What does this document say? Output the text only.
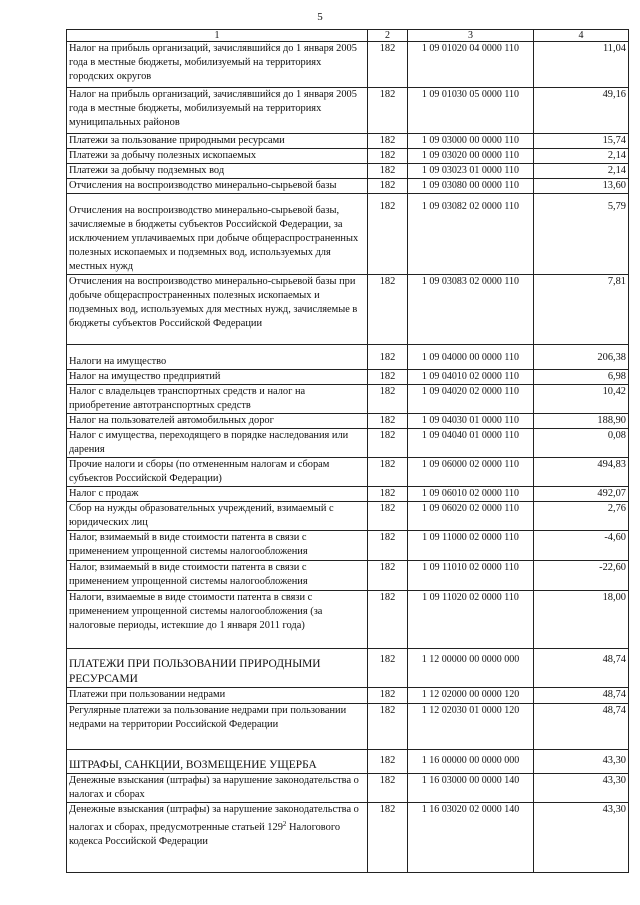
5
1	2	3	4
Налог на прибыль организаций, зачислявшийся до 1 января 2005 года в местные бюджеты, мобилизуемый на территориях городских округов	182	1 09 01020 04 0000 110	11,04
Налог на прибыль организаций, зачислявшийся до 1 января 2005 года в местные бюджеты, мобилизуемый на территориях муниципальных районов	182	1 09 01030 05 0000 110	49,16
Платежи за пользование природными ресурсами	182	1 09 03000 00 0000 110	15,74
Платежи за добычу полезных ископаемых	182	1 09 03020 00 0000 110	2,14
Платежи за добычу подземных вод	182	1 09 03023 01 0000 110	2,14
Отчисления на воспроизводство минерально-сырьевой базы	182	1 09 03080 00 0000 110	13,60
Отчисления на воспроизводство минерально-сырьевой базы, зачисляемые в бюджеты субъектов Российской Федерации, за исключением уплачиваемых при добыче общераспространенных полезных ископаемых и подземных вод, используемых для местных нужд	182	1 09 03082 02 0000 110	5,79
Отчисления на воспроизводство минерально-сырьевой базы при добыче общераспространенных полезных ископаемых и подземных вод, используемых для местных нужд, зачисляемые в бюджеты субъектов Российской Федерации	182	1 09 03083 02 0000 110	7,81
Налоги на имущество	182	1 09 04000 00 0000 110	206,38
Налог на имущество предприятий	182	1 09 04010 02 0000 110	6,98
Налог с владельцев транспортных средств и налог на приобретение автотранспортных средств	182	1 09 04020 02 0000 110	10,42
Налог на пользователей автомобильных дорог	182	1 09 04030 01 0000 110	188,90
Налог с имущества, переходящего в порядке наследования или дарения	182	1 09 04040 01 0000 110	0,08
Прочие налоги и сборы (по отмененным налогам и сборам субъектов Российской Федерации)	182	1 09 06000 02 0000 110	494,83
Налог с продаж	182	1 09 06010 02 0000 110	492,07
Сбор на нужды образовательных учреждений, взимаемый с юридических лиц	182	1 09 06020 02 0000 110	2,76
Налог, взимаемый в виде стоимости патента в связи с применением упрощенной системы налогообложения	182	1 09 11000 02 0000 110	-4,60
Налог, взимаемый в виде стоимости патента в связи с применением упрощенной системы налогообложения	182	1 09 11010 02 0000 110	-22,60
Налоги, взимаемые в виде стоимости патента в связи с применением упрощенной системы налогообложения (за налоговые периоды, истекшие до 1 января 2011 года)	182	1 09 11020 02 0000 110	18,00
ПЛАТЕЖИ ПРИ ПОЛЬЗОВАНИИ ПРИРОДНЫМИ РЕСУРСАМИ	182	1 12 00000 00 0000 000	48,74
Платежи при пользовании недрами	182	1 12 02000 00 0000 120	48,74
Регулярные платежи за пользование недрами при пользовании недрами на территории Российской Федерации	182	1 12 02030 01 0000 120	48,74
ШТРАФЫ, САНКЦИИ, ВОЗМЕЩЕНИЕ УЩЕРБА	182	1 16 00000 00 0000 000	43,30
Денежные взыскания (штрафы) за нарушение законодательства о налогах и сборах	182	1 16 03000 00 0000 140	43,30
Денежные взыскания (штрафы) за нарушение законодательства о налогах и сборах, предусмотренные статьей $129^2$ Налогового кодекса Российской Федерации	182	1 16 03020 02 0000 140	43,30
